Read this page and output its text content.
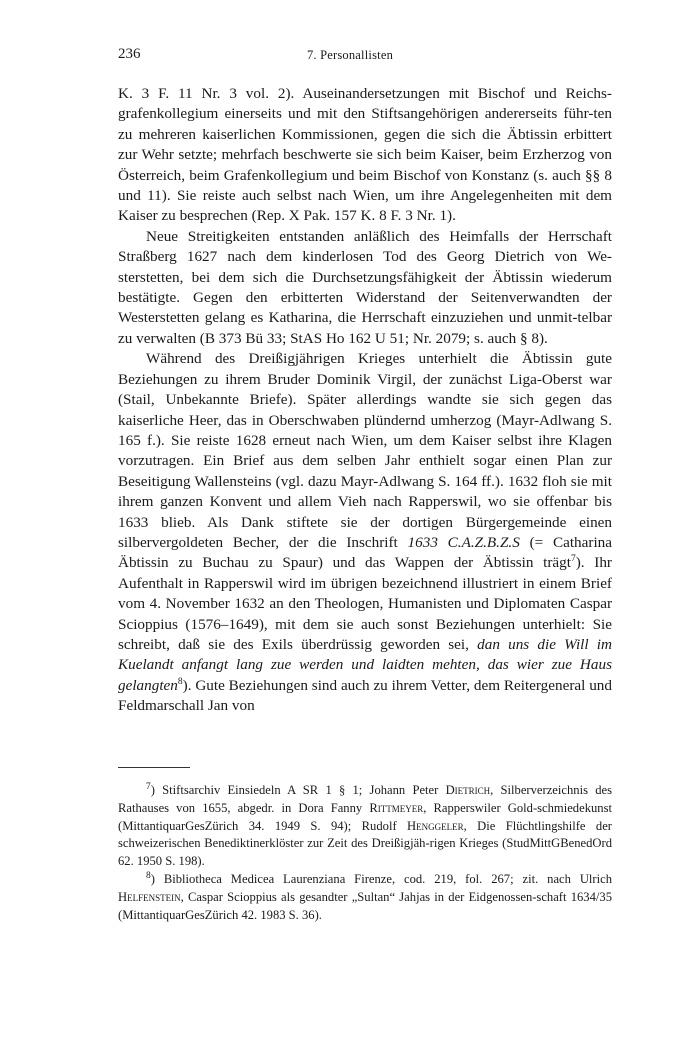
236	7. Personallisten

K. 3 F. 11 Nr. 3 vol. 2). Auseinandersetzungen mit Bischof und Reichs-grafenkollegium einerseits und mit den Stiftsangehörigen andererseits führ-ten zu mehreren kaiserlichen Kommissionen, gegen die sich die Äbtissin erbittert zur Wehr setzte; mehrfach beschwerte sie sich beim Kaiser, beim Erzherzog von Österreich, beim Grafenkollegium und beim Bischof von Konstanz (s. auch §§ 8 und 11). Sie reiste auch selbst nach Wien, um ihre Angelegenheiten mit dem Kaiser zu besprechen (Rep. X Pak. 157 K. 8 F. 3 Nr. 1).

Neue Streitigkeiten entstanden anläßlich des Heimfalls der Herrschaft Straßberg 1627 nach dem kinderlosen Tod des Georg Dietrich von We-sterstetten, bei dem sich die Durchsetzungsfähigkeit der Äbtissin wiederum bestätigte. Gegen den erbitterten Widerstand der Seitenverwandten der Westerstetten gelang es Katharina, die Herrschaft einzuziehen und unmit-telbar zu verwalten (B 373 Bü 33; StAS Ho 162 U 51; Nr. 2079; s. auch § 8).

Während des Dreißigjährigen Krieges unterhielt die Äbtissin gute Beziehungen zu ihrem Bruder Dominik Virgil, der zunächst Liga-Oberst war (Stail, Unbekannte Briefe). Später allerdings wandte sie sich gegen das kaiserliche Heer, das in Oberschwaben plündernd umherzog (Mayr-Adlwang S. 165 f.). Sie reiste 1628 erneut nach Wien, um dem Kaiser selbst ihre Klagen vorzutragen. Ein Brief aus dem selben Jahr enthielt sogar einen Plan zur Beseitigung Wallensteins (vgl. dazu Mayr-Adlwang S. 164 ff.). 1632 floh sie mit ihrem ganzen Konvent und allem Vieh nach Rapperswil, wo sie offenbar bis 1633 blieb. Als Dank stiftete sie der dortigen Bürgergemeinde einen silbervergoldeten Becher, der die Inschrift 1633 C.A.Z.B.Z.S (= Catharina Äbtissin zu Buchau zu Spaur) und das Wappen der Äbtissin trägt$^7$). Ihr Aufenthalt in Rapperswil wird im übrigen bezeichnend illustriert in einem Brief vom 4. November 1632 an den Theologen, Humanisten und Diplomaten Caspar Scioppius (1576–1649), mit dem sie auch sonst Beziehungen unterhielt: Sie schreibt, daß sie des Exils überdrüssig geworden sei, dan uns die Will im Kuelandt anfangt lang zue werden und laidten mehten, das wier zue Haus gelangten$^8$). Gute Beziehungen sind auch zu ihrem Vetter, dem Reitergeneral und Feldmarschall Jan von

$^7$) Stiftsarchiv Einsiedeln A SR 1 § 1; Johann Peter Dietrich, Silberverzeichnis des Rathauses von 1655, abgedr. in Dora Fanny Rittmeyer, Rapperswiler Gold-schmiedekunst (MittantiquarGesZürich 34. 1949 S. 94); Rudolf Henggeler, Die Flüchtlingshilfe der schweizerischen Benediktinerklöster zur Zeit des Dreißigjäh-rigen Krieges (StudMittGBenedOrd 62. 1950 S. 198).

$^8$) Bibliotheca Medicea Laurenziana Firenze, cod. 219, fol. 267; zit. nach Ulrich Helfenstein, Caspar Scioppius als gesandter „Sultan“ Jahjas in der Eidgenossen-schaft 1634/35 (MittantiquarGesZürich 42. 1983 S. 36).
